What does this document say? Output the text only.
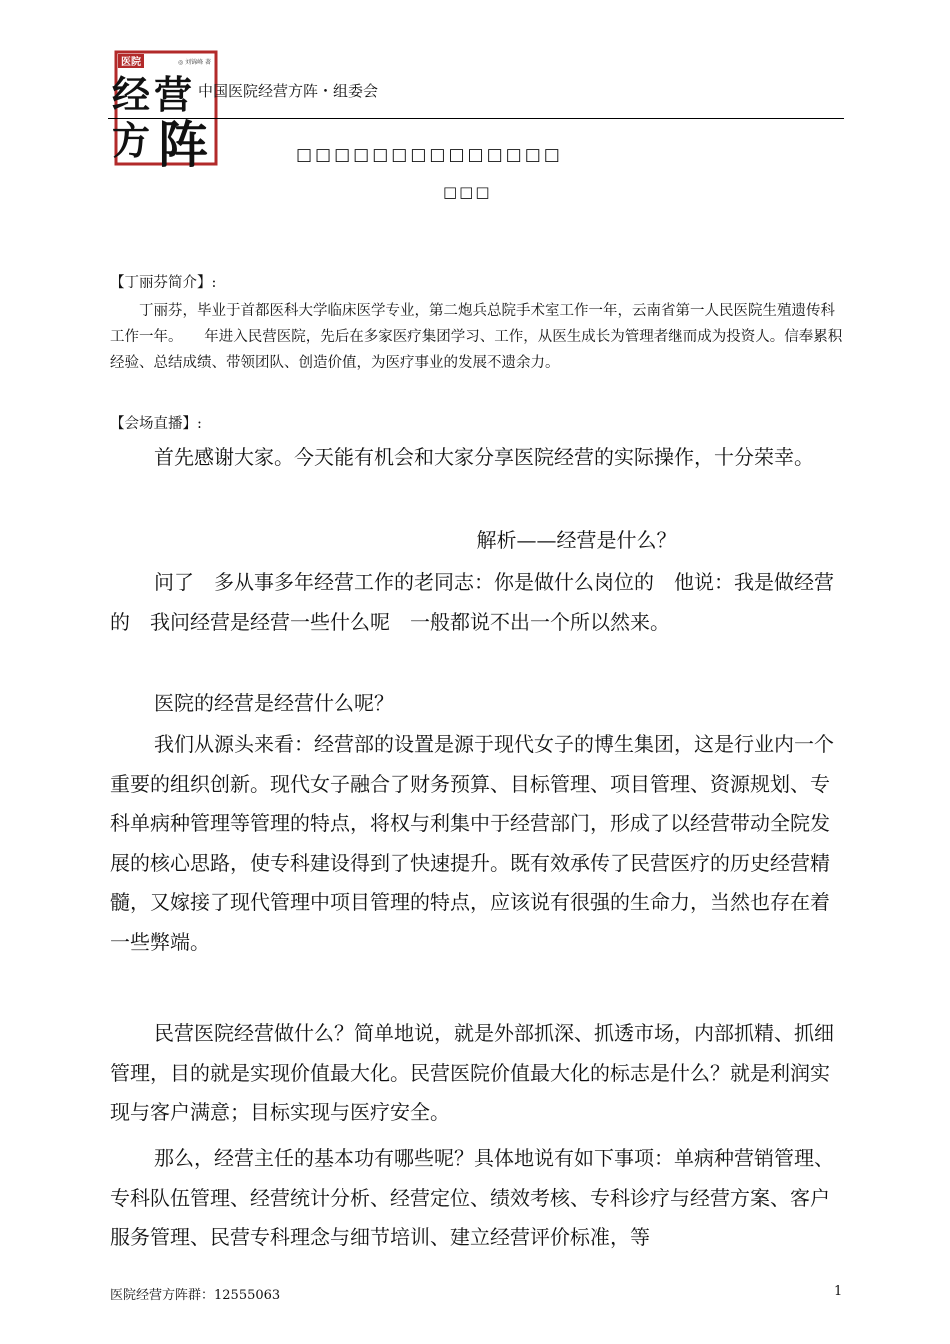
医院	◎ 刘锦峰 著
经 营
方 阵
中国医院经营方阵・组委会
□□□□□□□□□□□□□□
□□□
【丁丽芬简介】:
丁丽芬，毕业于首都医科大学临床医学专业，第二炮兵总院手术室工作一年，云南省第一人民医院生殖遗传科工作一年。　　年进入民营医院，先后在多家医疗集团学习、工作，从医生成长为管理者继而成为投资人。信奉累积经验、总结成绩、带领团队、创造价值，为医疗事业的发展不遗余力。
【会场直播】:
首先感谢大家。今天能有机会和大家分享医院经营的实际操作，十分荣幸。
解析——经营是什么？
问了　多从事多年经营工作的老同志：你是做什么岗位的　他说：我是做经营的　我问经营是经营一些什么呢　一般都说不出一个所以然来。
医院的经营是经营什么呢？
我们从源头来看：经营部的设置是源于现代女子的博生集团，这是行业内一个重要的组织创新。现代女子融合了财务预算、目标管理、项目管理、资源规划、专科单病种管理等管理的特点，将权与利集中于经营部门，形成了以经营带动全院发展的核心思路，使专科建设得到了快速提升。既有效承传了民营医疗的历史经营精髓，又嫁接了现代管理中项目管理的特点，应该说有很强的生命力，当然也存在着一些弊端。
民营医院经营做什么？简单地说，就是外部抓深、抓透市场，内部抓精、抓细管理，目的就是实现价值最大化。民营医院价值最大化的标志是什么？就是利润实现与客户满意；目标实现与医疗安全。
那么，经营主任的基本功有哪些呢？具体地说有如下事项：单病种营销管理、专科队伍管理、经营统计分析、经营定位、绩效考核、专科诊疗与经营方案、客户服务管理、民营专科理念与细节培训、建立经营评价标准，等
医院经营方阵群：12555063	1
